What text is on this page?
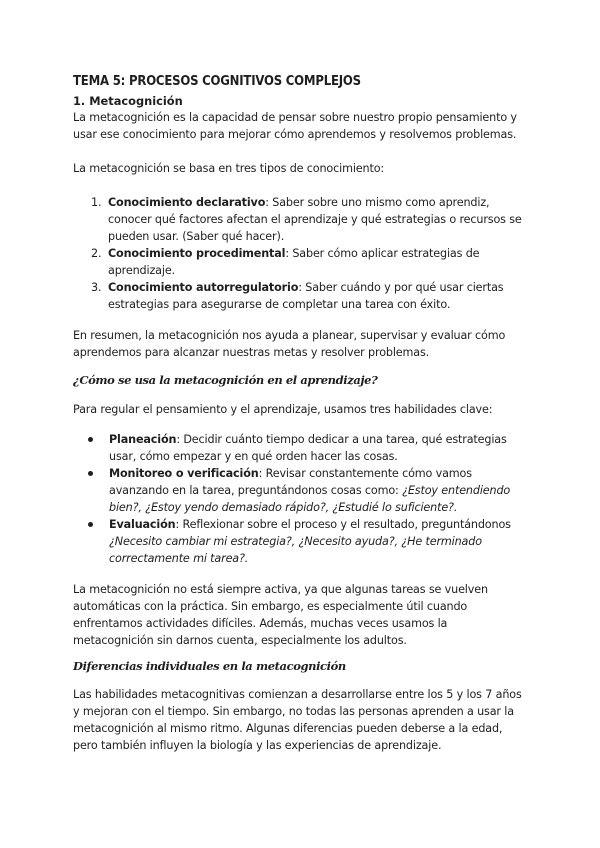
TEMA 5: PROCESOS COGNITIVOS COMPLEJOS
1. Metacognición

La metacognición es la capacidad de pensar sobre nuestro propio pensamiento y usar ese conocimiento para mejorar cómo aprendemos y resolvemos problemas.

La metacognición se basa en tres tipos de conocimiento:

1. Conocimiento declarativo: Saber sobre uno mismo como aprendiz, conocer qué factores afectan el aprendizaje y qué estrategias o recursos se pueden usar. (Saber qué hacer).
2. Conocimiento procedimental: Saber cómo aplicar estrategias de aprendizaje.
3. Conocimiento autorregulatorio: Saber cuándo y por qué usar ciertas estrategias para asegurarse de completar una tarea con éxito.

En resumen, la metacognición nos ayuda a planear, supervisar y evaluar cómo aprendemos para alcanzar nuestras metas y resolver problemas.

¿Cómo se usa la metacognición en el aprendizaje?

Para regular el pensamiento y el aprendizaje, usamos tres habilidades clave:

Planeación: Decidir cuánto tiempo dedicar a una tarea, qué estrategias usar, cómo empezar y en qué orden hacer las cosas.
Monitoreo o verificación: Revisar constantemente cómo vamos avanzando en la tarea, preguntándonos cosas como: ¿Estoy entendiendo bien?, ¿Estoy yendo demasiado rápido?, ¿Estudié lo suficiente?.
Evaluación: Reflexionar sobre el proceso y el resultado, preguntándonos ¿Necesito cambiar mi estrategia?, ¿Necesito ayuda?, ¿He terminado correctamente mi tarea?.

La metacognición no está siempre activa, ya que algunas tareas se vuelven automáticas con la práctica. Sin embargo, es especialmente útil cuando enfrentamos actividades difíciles. Además, muchas veces usamos la metacognición sin darnos cuenta, especialmente los adultos.

Diferencias individuales en la metacognición

Las habilidades metacognitivas comienzan a desarrollarse entre los 5 y los 7 años y mejoran con el tiempo. Sin embargo, no todas las personas aprenden a usar la metacognición al mismo ritmo. Algunas diferencias pueden deberse a la edad, pero también influyen la biología y las experiencias de aprendizaje.
